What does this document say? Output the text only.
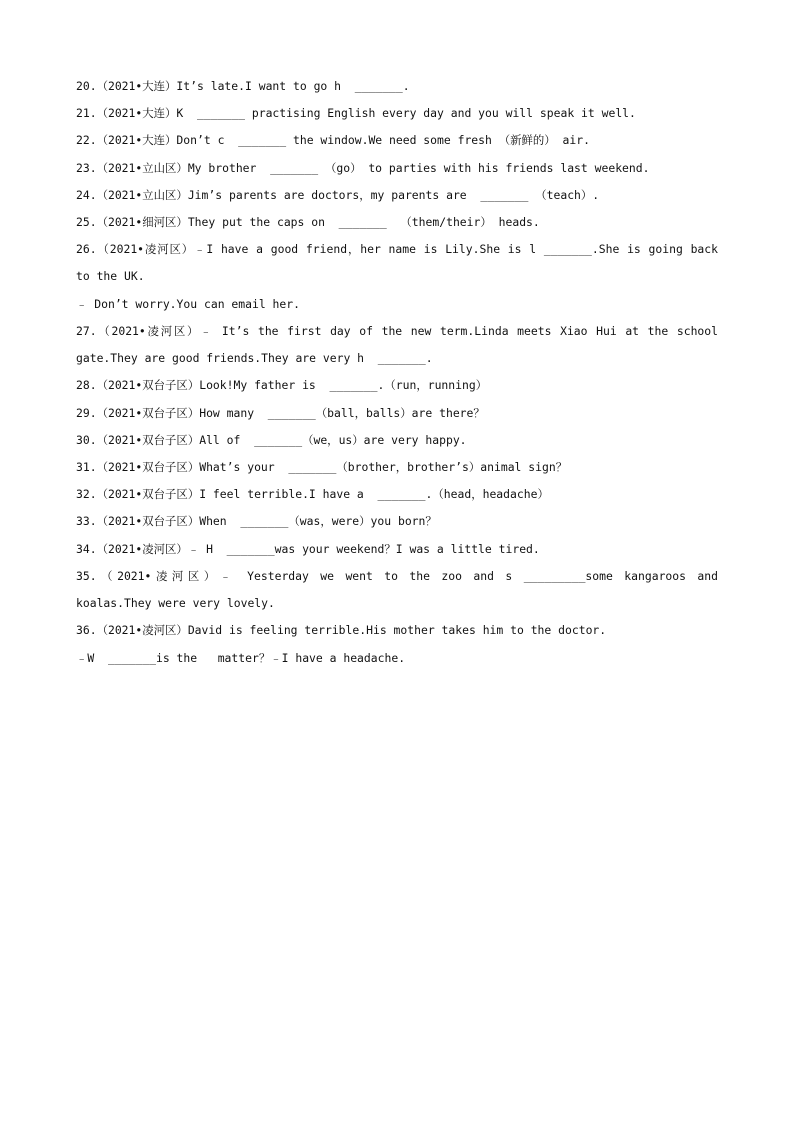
20.（2021•大连）It’s late.I want to go h  _______.
21.（2021•大连）K  _______ practising English every day and you will speak it well.
22.（2021•大连）Don’t c  _______ the window.We need some fresh （新鲜的） air.
23.（2021•立山区）My brother  _______ （go） to parties with his friends last weekend.
24.（2021•立山区）Jim’s parents are doctors，my parents are  _______ （teach）.
25.（2021•细河区）They put the caps on  _______  （them/their） heads.
26.（2021•凌河区）﹣I have a good friend，her name is Lily.She is l _______.She is going back
to the UK.
﹣ Don’t worry.You can email her.
27.（2021•凌河区）﹣ It’s the first day of the new term.Linda meets Xiao Hui at the school
gate.They are good friends.They are very h  _______.
28.（2021•双台子区）Look!My father is  _______.（run，running）
29.（2021•双台子区）How many  _______（ball，balls）are there？
30.（2021•双台子区）All of  _______（we，us）are very happy.
31.（2021•双台子区）What’s your  _______（brother，brother’s）animal sign？
32.（2021•双台子区）I feel terrible.I have a  _______.（head，headache）
33.（2021•双台子区）When  _______（was，were）you born？
34.（2021•凌河区）﹣ H  _______was your weekend？I was a little tired.
35.（2021•凌河区）﹣ Yesterday we went to the zoo and s _________some kangaroos and
koalas.They were very lovely.
36.（2021•凌河区）David is feeling terrible.His mother takes him to the doctor.
﹣W  _______is the   matter？﹣I have a headache.
